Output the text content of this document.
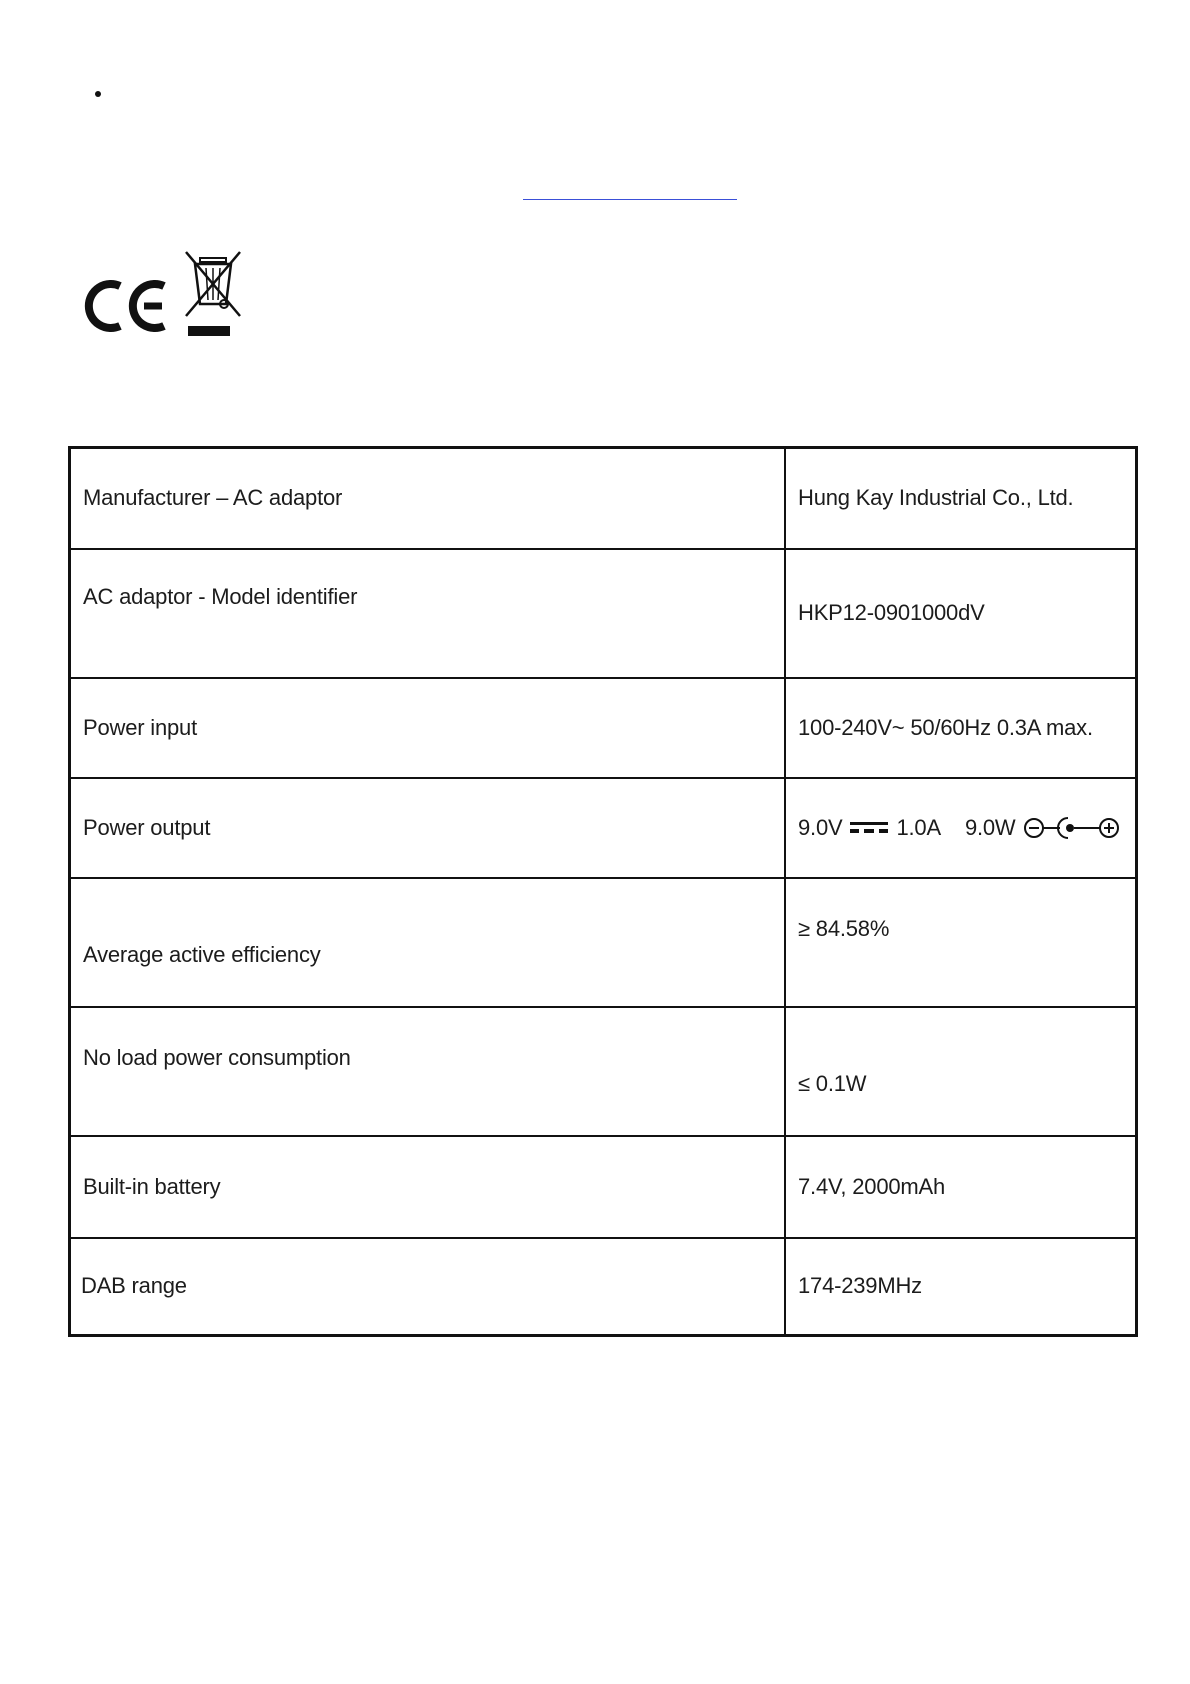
Manufacturer – AC adaptor	Hung Kay Industrial Co., Ltd.
AC adaptor - Model identifier	HKP12-0901000dV
Power input	100-240V~ 50/60Hz 0.3A max.
Power output	9.0V 1.0A 9.0W

Average active efficiency	≥ 84.58%
No load power consumption	≤ 0.1W
Built-in battery	7.4V, 2000mAh
DAB range	174-239MHz
